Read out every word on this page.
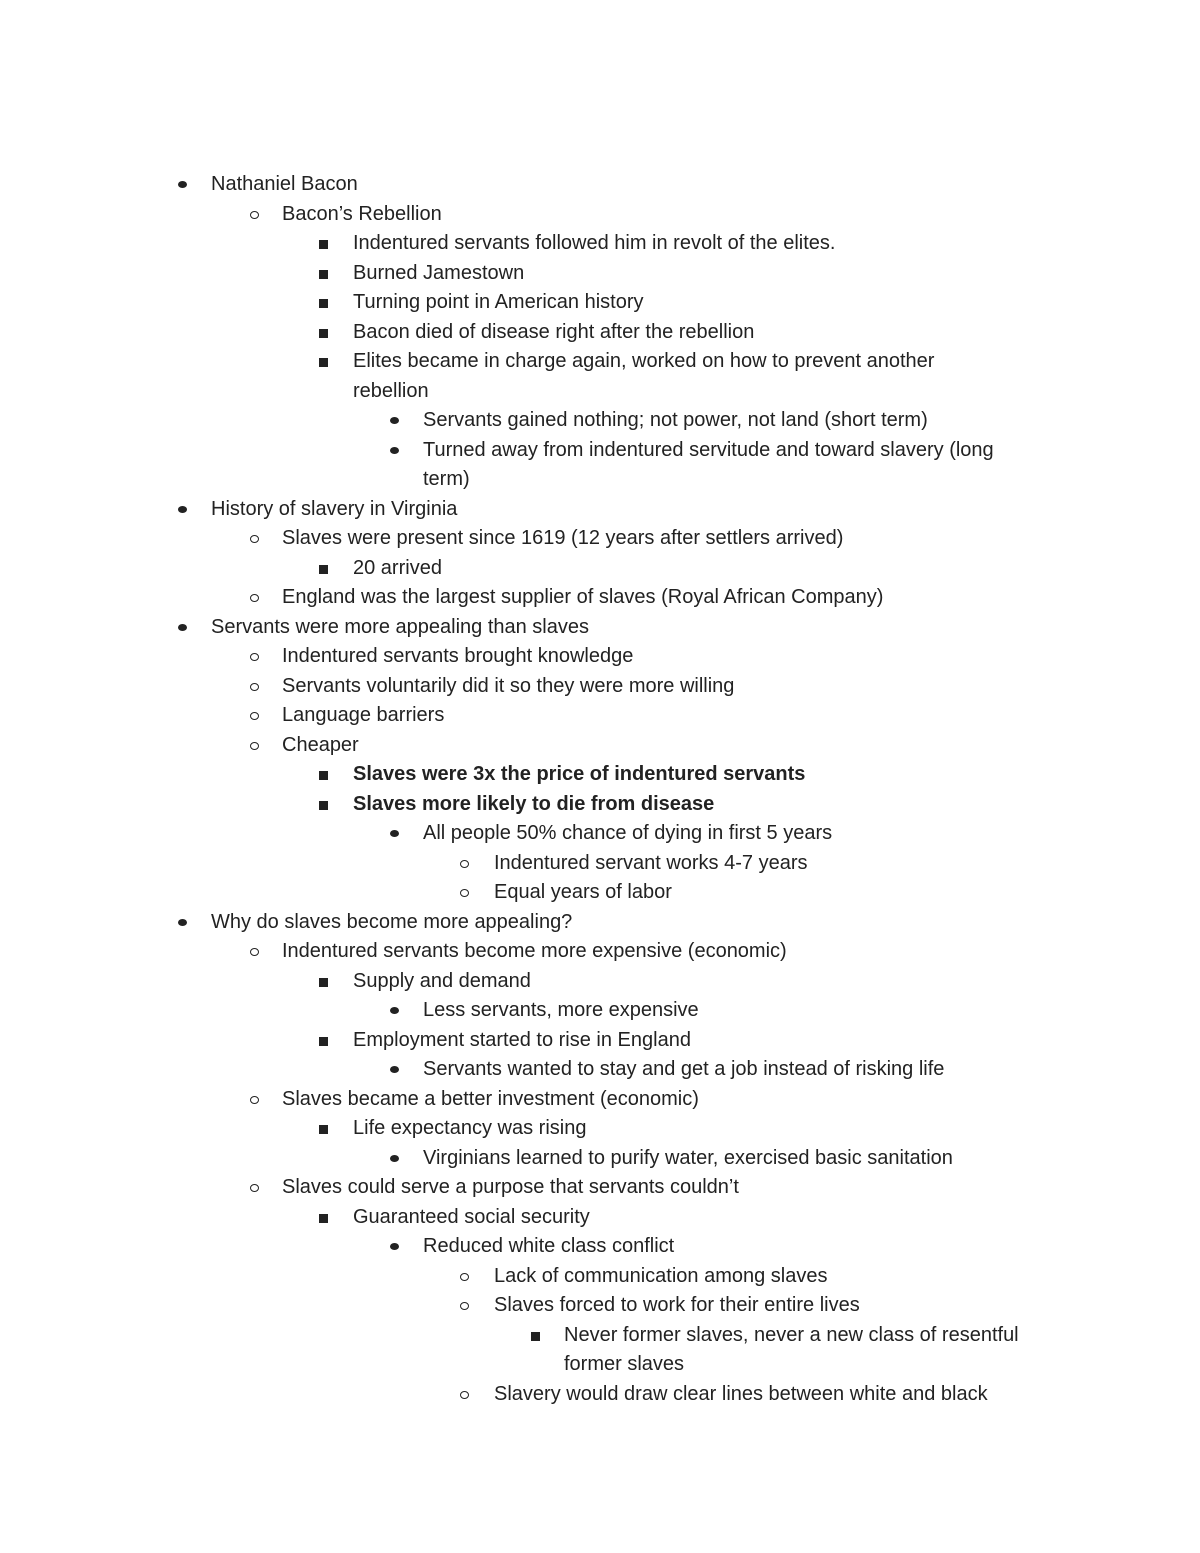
Nathaniel Bacon
Bacon’s Rebellion
Indentured servants followed him in revolt of the elites.
Burned Jamestown
Turning point in American history
Bacon died of disease right after the rebellion
Elites became in charge again, worked on how to prevent another rebellion
Servants gained nothing; not power, not land (short term)
Turned away from indentured servitude and toward slavery (long term)
History of slavery in Virginia
Slaves were present since 1619 (12 years after settlers arrived)
20 arrived
England was the largest supplier of slaves (Royal African Company)
Servants were more appealing than slaves
Indentured servants brought knowledge
Servants voluntarily did it so they were more willing
Language barriers
Cheaper
Slaves were 3x the price of indentured servants
Slaves more likely to die from disease
All people 50% chance of dying in first 5 years
Indentured servant works 4-7 years
Equal years of labor
Why do slaves become more appealing?
Indentured servants become more expensive (economic)
Supply and demand
Less servants, more expensive
Employment started to rise in England
Servants wanted to stay and get a job instead of risking life
Slaves became a better investment (economic)
Life expectancy was rising
Virginians learned to purify water, exercised basic sanitation
Slaves could serve a purpose that servants couldn’t
Guaranteed social security
Reduced white class conflict
Lack of communication among slaves
Slaves forced to work for their entire lives
Never former slaves, never a new class of resentful former slaves
Slavery would draw clear lines between white and black
